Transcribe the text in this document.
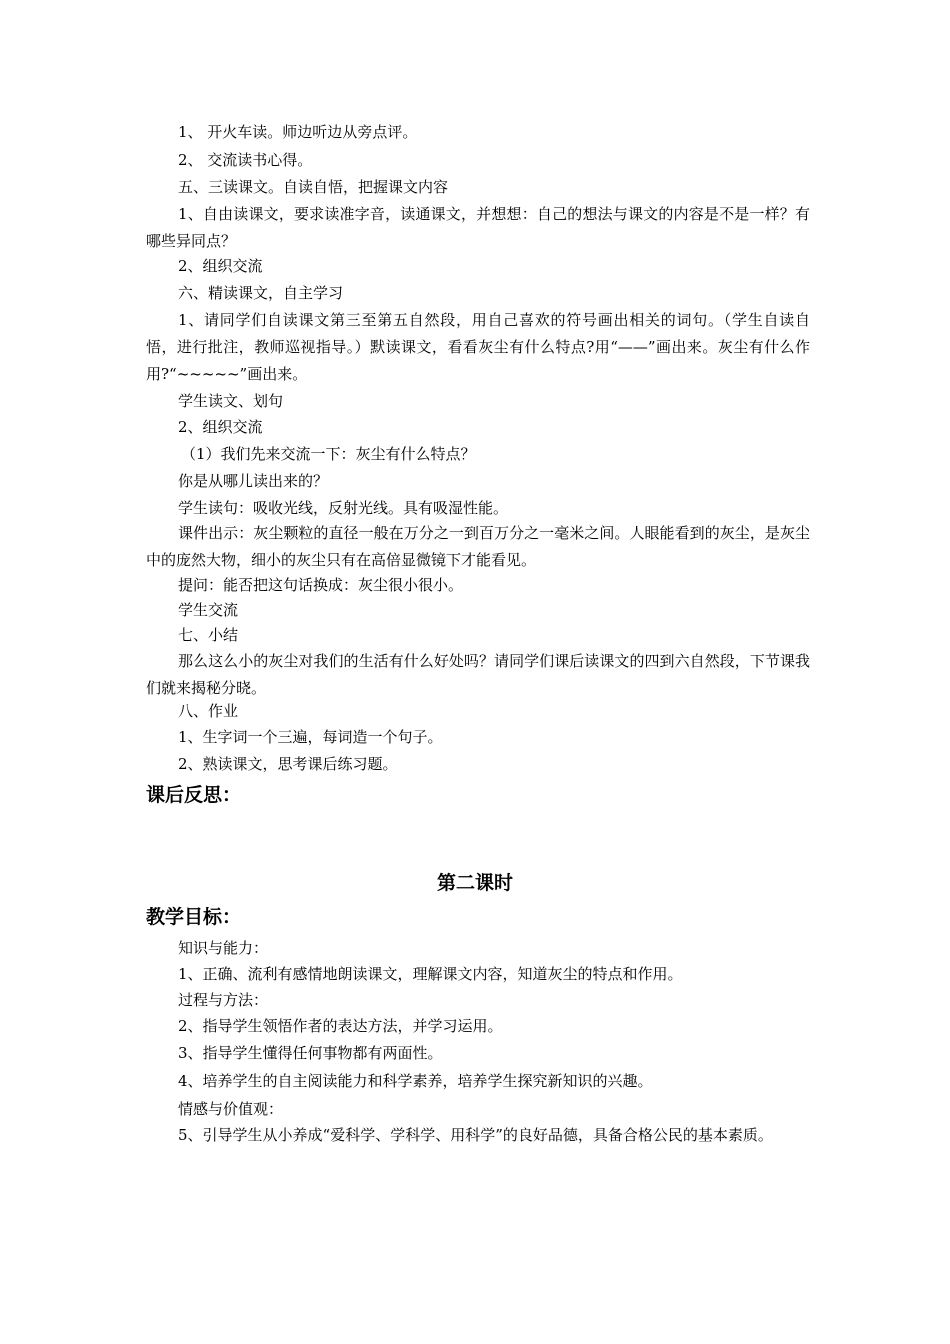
1、 开火车读。师边听边从旁点评。
2、 交流读书心得。
五、三读课文。自读自悟，把握课文内容
1、自由读课文，要求读准字音，读通课文，并想想：自己的想法与课文的内容是不是一样？有哪些异同点？
2、组织交流
六、精读课文，自主学习
1、请同学们自读课文第三至第五自然段，用自己喜欢的符号画出相关的词句。（学生自读自悟，进行批注，教师巡视指导。）默读课文，看看灰尘有什么特点?用“——”画出来。灰尘有什么作用?“~~~~~”画出来。
学生读文、划句
2、组织交流
（1）我们先来交流一下：灰尘有什么特点？
你是从哪儿读出来的？
学生读句：吸收光线，反射光线。具有吸湿性能。
课件出示：灰尘颗粒的直径一般在万分之一到百万分之一毫米之间。人眼能看到的灰尘，是灰尘中的庞然大物，细小的灰尘只有在高倍显微镜下才能看见。
提问：能否把这句话换成：灰尘很小很小。
学生交流
七、小结
那么这么小的灰尘对我们的生活有什么好处吗？请同学们课后读课文的四到六自然段，下节课我们就来揭秘分晓。
八、作业
1、生字词一个三遍，每词造一个句子。
2、熟读课文，思考课后练习题。
课后反思：
第二课时
教学目标：
知识与能力：
1、正确、流利有感情地朗读课文，理解课文内容，知道灰尘的特点和作用。
过程与方法：
2、指导学生领悟作者的表达方法，并学习运用。
3、指导学生懂得任何事物都有两面性。
4、培养学生的自主阅读能力和科学素养，培养学生探究新知识的兴趣。
情感与价值观：
5、引导学生从小养成“爱科学、学科学、用科学”的良好品德，具备合格公民的基本素质。
